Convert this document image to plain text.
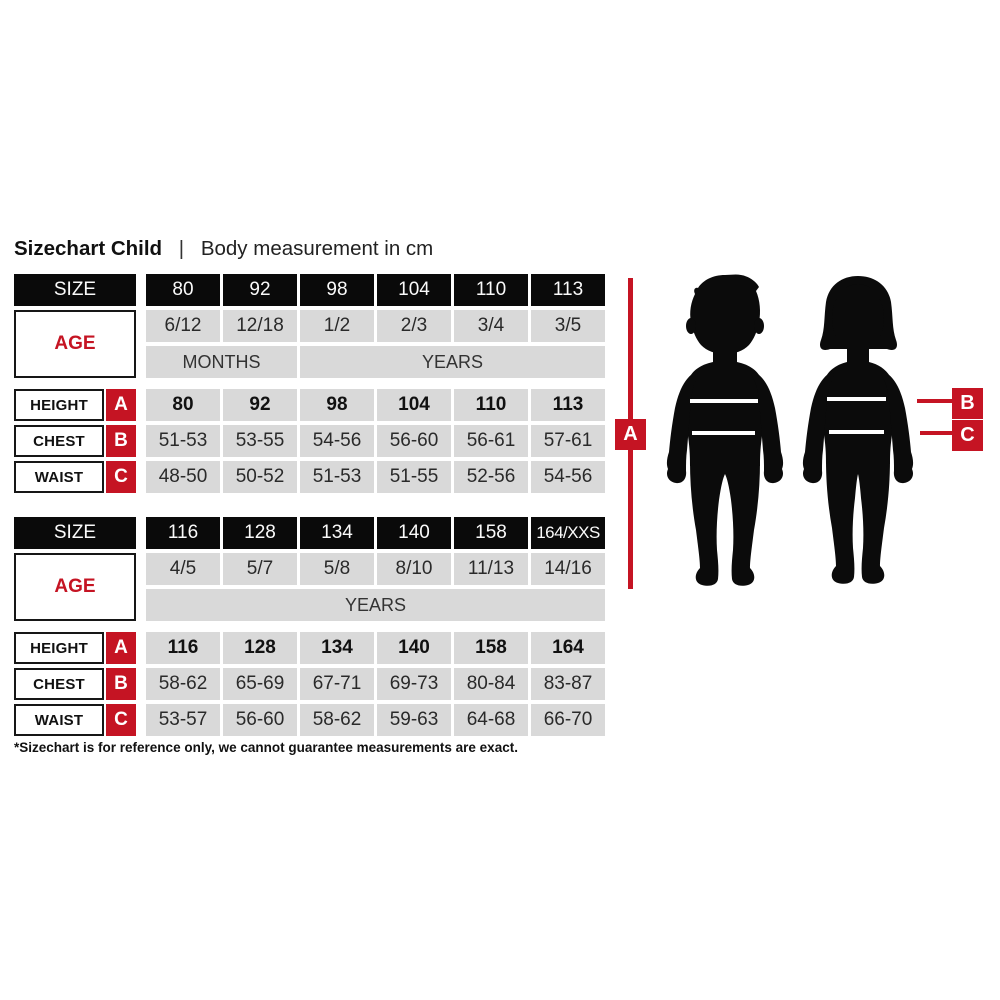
Sizechart Child | Body measurement in cm
SIZE	80	92	98	104	110	113
AGE
6/12	12/18	1/2	2/3	3/4	3/5
MONTHS	YEARS
HEIGHT	A	80	92	98	104	110	113
CHEST	B	51-53	53-55	54-56	56-60	56-61	57-61
WAIST	C	48-50	50-52	51-53	51-55	52-56	54-56
SIZE	116	128	134	140	158	164/XXS
AGE
4/5	5/7	5/8	8/10	11/13	14/16
YEARS
HEIGHT	A	116	128	134	140	158	164
CHEST	B	58-62	65-69	67-71	69-73	80-84	83-87
WAIST	C	53-57	56-60	58-62	59-63	64-68	66-70
*Sizechart is for reference only, we cannot guarantee measurements are exact.
A
B
C
